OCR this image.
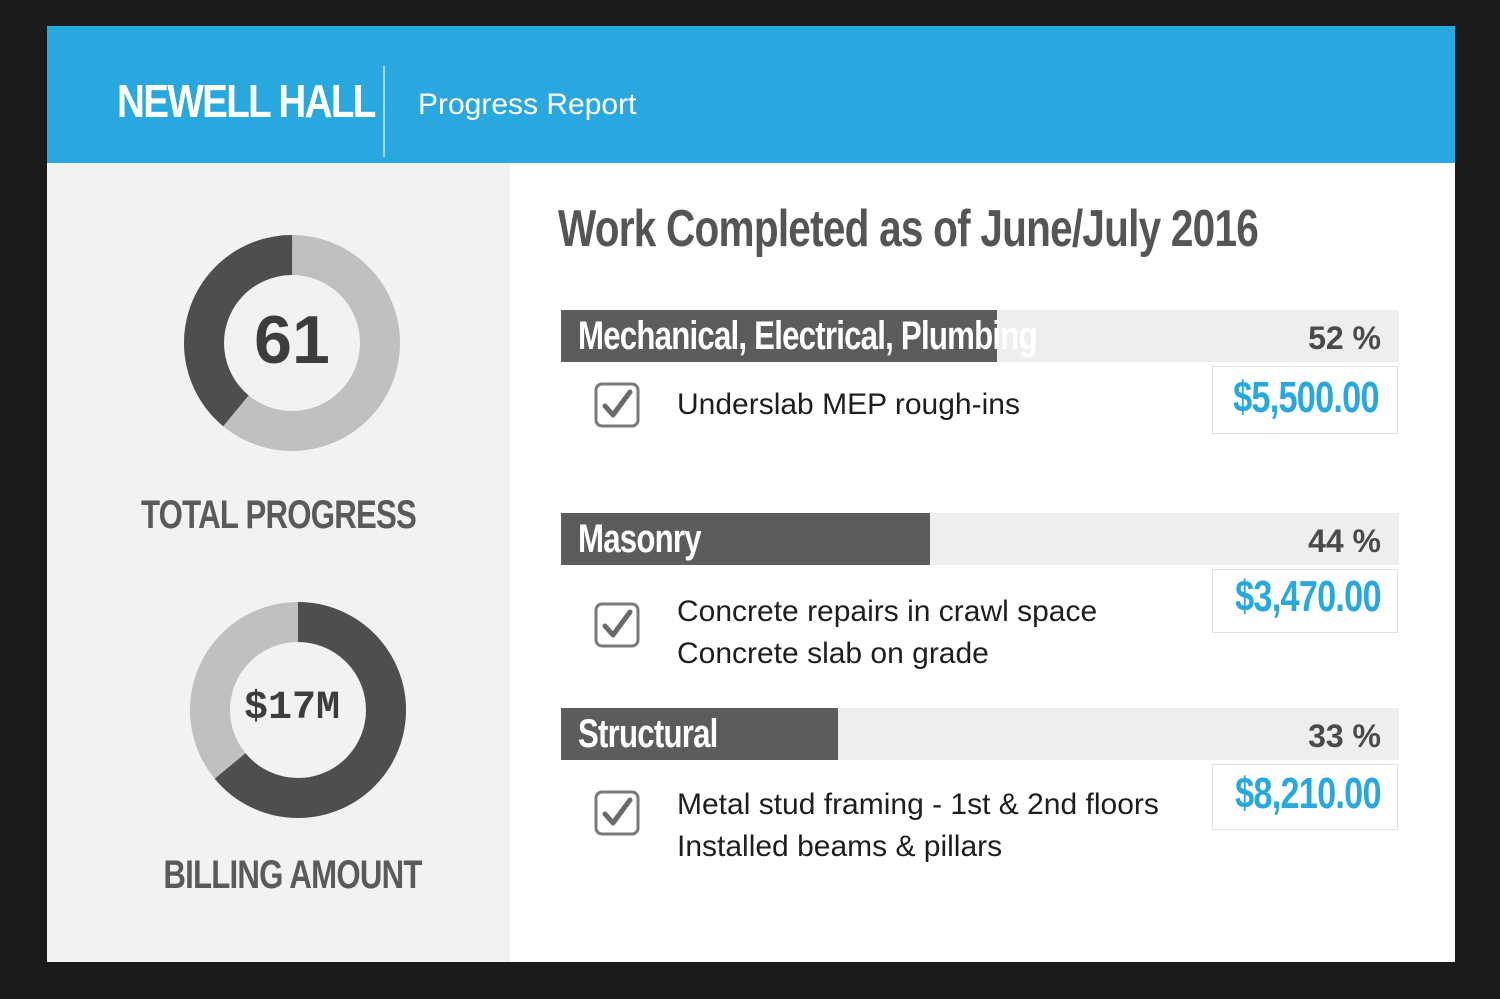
NEWELL HALL Progress Report
61
TOTAL PROGRESS
$17M
BILLING AMOUNT
Work Completed as of June/July 2016
Mechanical, Electrical, Plumbing	52 %
$5,500.00
Underslab MEP rough-ins
Masonry	44 %
$3,470.00
Concrete repairs in crawl space
Concrete slab on grade
Structural	33 %
$8,210.00
Metal stud framing - 1st & 2nd floors
Installed beams & pillars
